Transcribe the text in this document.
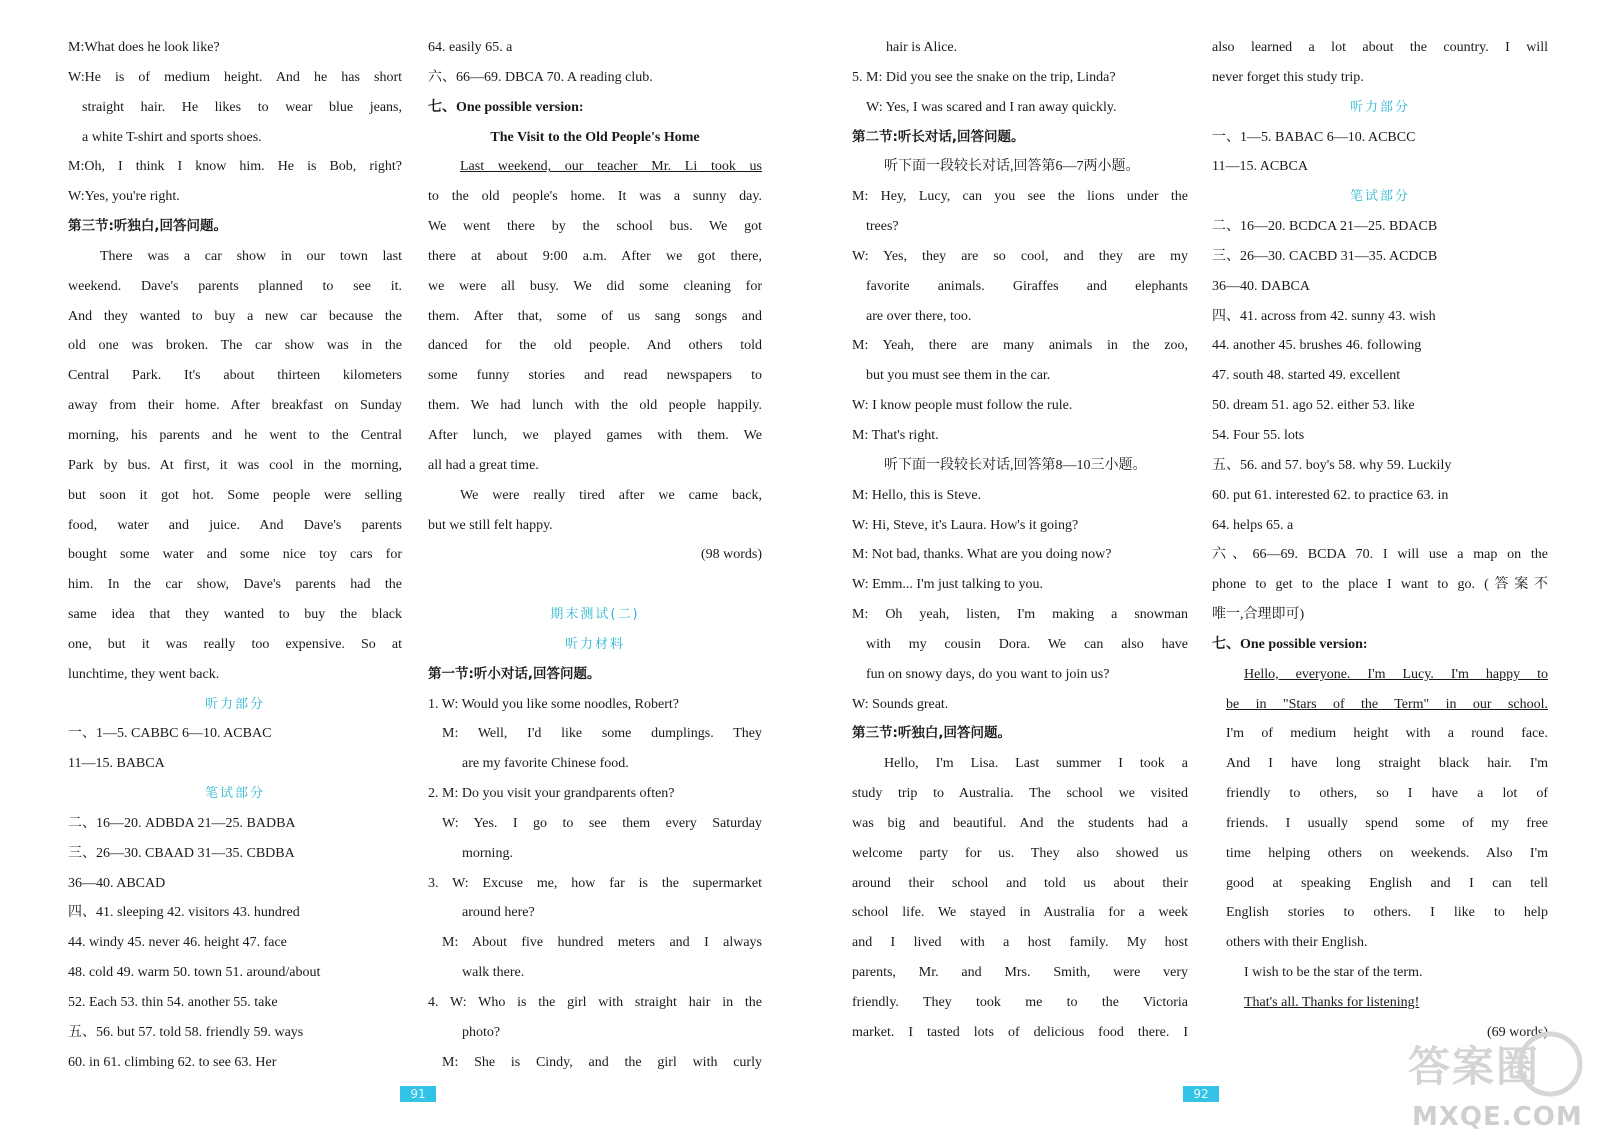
M:What does he look like?

W:He is of medium height. And he has short

straight hair. He likes to wear blue jeans,

a white T-shirt and sports shoes.

M:Oh, I think I know him. He is Bob, right?

W:Yes, you're right.

第三节:听独白,回答问题。

There was a car show in our town last

weekend. Dave's parents planned to see it.

And they wanted to buy a new car because the

old one was broken. The car show was in the

Central Park. It's about thirteen kilometers

away from their home. After breakfast on Sunday

morning, his parents and he went to the Central

Park by bus. At first, it was cool in the morning,

but soon it got hot. Some people were selling

food, water and juice. And Dave's parents

bought some water and some nice toy cars for

him. In the car show, Dave's parents had the

same idea that they wanted to buy the black

one, but it was really too expensive. So at

lunchtime, they went back.

听力部分

一、1—5. CABBC 6—10. ACBAC

11—15. BABCA

笔试部分

二、16—20. ADBDA 21—25. BADBA

三、26—30. CBAAD 31—35. CBDBA

36—40. ABCAD

四、41. sleeping 42. visitors 43. hundred

44. windy 45. never 46. height 47. face

48. cold 49. warm 50. town 51. around/about

52. Each 53. thin 54. another 55. take

五、56. but 57. told 58. friendly 59. ways

60. in 61. climbing 62. to see 63. Her

64. easily 65. a

六、66—69. DBCA 70. A reading club.

七、One possible version:

The Visit to the Old People's Home

Last weekend, our teacher Mr. Li took us

to the old people's home. It was a sunny day.

We went there by the school bus. We got

there at about 9:00 a.m. After we got there,

we were all busy. We did some cleaning for

them. After that, some of us sang songs and

danced for the old people. And others told

some funny stories and read newspapers to

them. We had lunch with the old people happily.

After lunch, we played games with them. We

all had a great time.

We were really tired after we came back,

but we still felt happy.

(98 words)

期末测试(二)

听力材料

第一节:听小对话,回答问题。

1. W: Would you like some noodles, Robert?

M: Well, I'd like some dumplings. They

are my favorite Chinese food.

2. M: Do you visit your grandparents often?

W: Yes. I go to see them every Saturday

morning.

3. W: Excuse me, how far is the supermarket

around here?

M: About five hundred meters and I always

walk there.

4. W: Who is the girl with straight hair in the

photo?

M: She is Cindy, and the girl with curly

91

hair is Alice.

5. M: Did you see the snake on the trip, Linda?

W: Yes, I was scared and I ran away quickly.

第二节:听长对话,回答问题。

听下面一段较长对话,回答第6—7两小题。

M: Hey, Lucy, can you see the lions under the

trees?

W: Yes, they are so cool, and they are my

favorite animals. Giraffes and elephants

are over there, too.

M: Yeah, there are many animals in the zoo,

but you must see them in the car.

W: I know people must follow the rule.

M: That's right.

听下面一段较长对话,回答第8—10三小题。

M: Hello, this is Steve.

W: Hi, Steve, it's Laura. How's it going?

M: Not bad, thanks. What are you doing now?

W: Emm... I'm just talking to you.

M: Oh yeah, listen, I'm making a snowman

with my cousin Dora. We can also have

fun on snowy days, do you want to join us?

W: Sounds great.

第三节:听独白,回答问题。

Hello, I'm Lisa. Last summer I took a

study trip to Australia. The school we visited

was big and beautiful. And the students had a

welcome party for us. They also showed us

around their school and told us about their

school life. We stayed in Australia for a week

and I lived with a host family. My host

parents, Mr. and Mrs. Smith, were very

friendly. They took me to the Victoria

market. I tasted lots of delicious food there. I

also learned a lot about the country. I will

never forget this study trip.

听力部分

一、1—5. BABAC 6—10. ACBCC

11—15. ACBCA

笔试部分

二、16—20. BCDCA 21—25. BDACB

三、26—30. CACBD 31—35. ACDCB

36—40. DABCA

四、41. across from 42. sunny 43. wish

44. another 45. brushes 46. following

47. south 48. started 49. excellent

50. dream 51. ago 52. either 53. like

54. Four 55. lots

五、56. and 57. boy's 58. why 59. Luckily

60. put 61. interested 62. to practice 63. in

64. helps 65. a

六、66—69. BCDA 70. I will use a map on the

phone to get to the place I want to go. (答案不

唯一,合理即可)

七、One possible version:

Hello, everyone. I'm Lucy. I'm happy to

be in "Stars of the Term" in our school.

I'm of medium height with a round face.

And I have long straight black hair. I'm

friendly to others, so I have a lot of

friends. I usually spend some of my free

time helping others on weekends. Also I'm

good at speaking English and I can tell

English stories to others. I like to help

others with their English.

I wish to be the star of the term.

That's all. Thanks for listening!

(69 words)

92
答案圈
MXQE.COM
